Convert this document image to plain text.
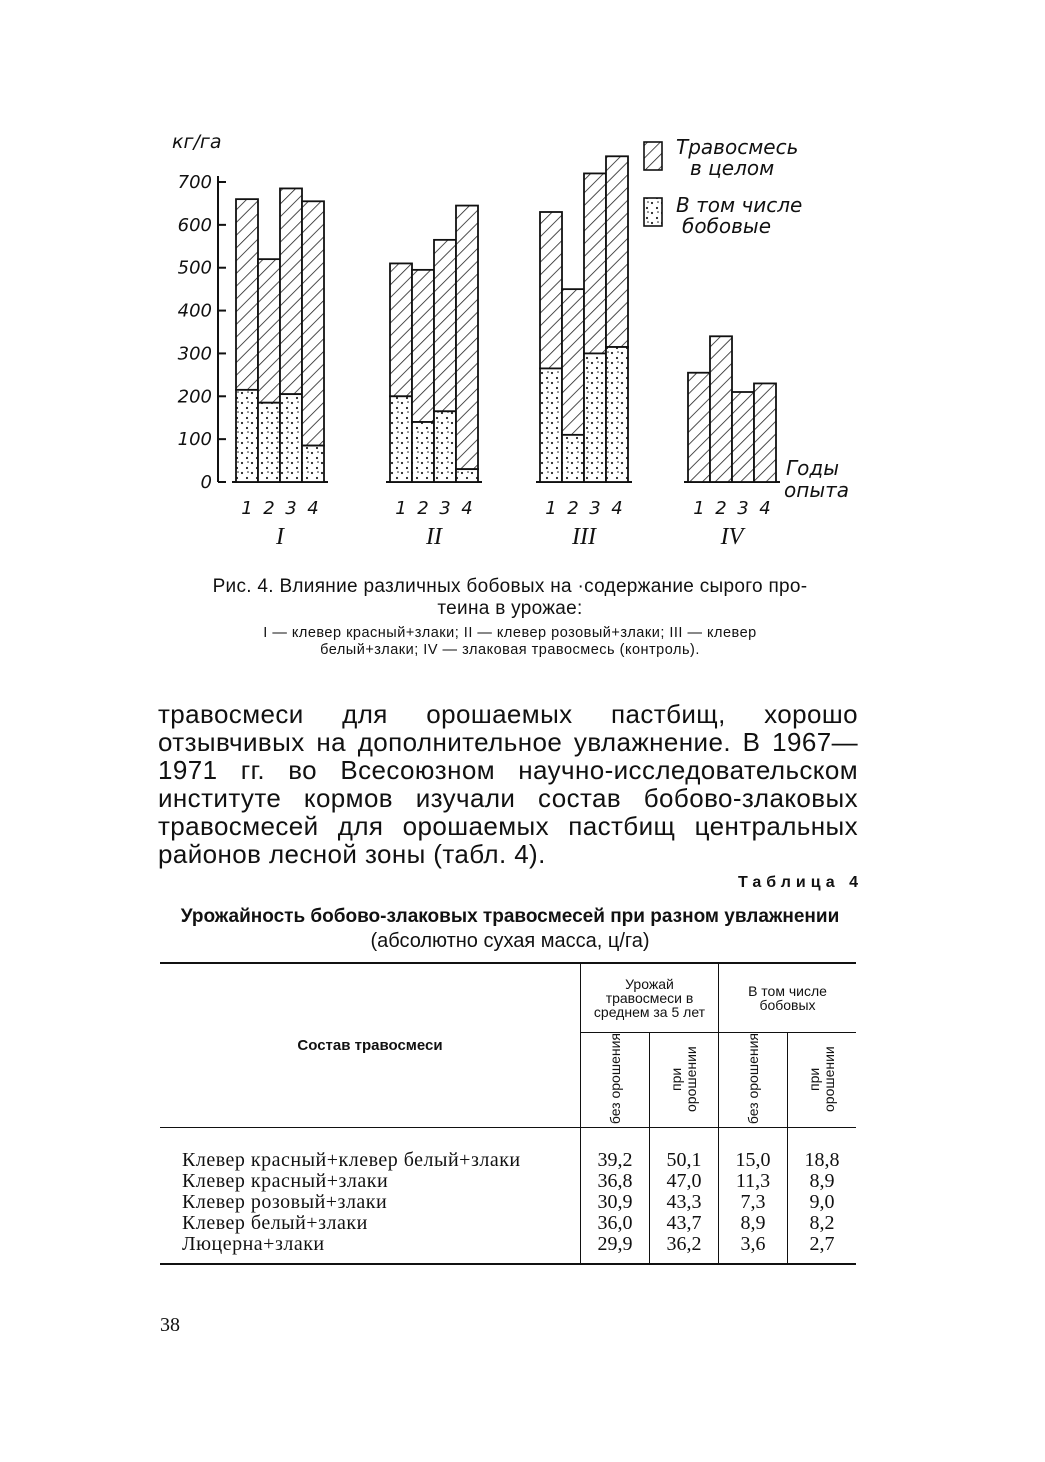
кг/га
0
100
200
300
400
500
600
700
1 2 3 4
I
1 2 3 4
II
1 2 3 4
III
1 2 3 4
IV
Травосмесь
в целом
В том числе
бобовые
Годы
опыта
Рис. 4. Влияние различных бобовых на ·содержание сырого про-
теина в урожае:
I — клевер красный+злаки; II — клевер розовый+злаки; III — клевер
белый+злаки; IV — злаковая травосмесь (контроль).
травосмеси для орошаемых пастбищ, хорошо отзывчивых на дополнительное увлажнение. В 1967—1971 гг. во Всесоюзном научно-исследовательском институте кормов изучали состав бобово-злаковых травосмесей для орошаемых пастбищ центральных районов лесной зоны (табл. 4).
Таблица 4
Урожайность бобово-злаковых травосмесей при разном увлажнении
(абсолютно сухая масса, ц/га)
Состав травосмеси	Урожай травосмеси в среднем за 5 лет		В том числе бобовых	
	без орошения	при орошении	без орошения	при орошении
Клевер красный+клевер белый+злаки	39,2	50,1	15,0	18,8
Клевер красный+злаки	36,8	47,0	11,3	8,9
Клевер розовый+злаки	30,9	43,3	7,3	9,0
Клевер белый+злаки	36,0	43,7	8,9	8,2
Люцерна+злаки	29,9	36,2	3,6	2,7
38
